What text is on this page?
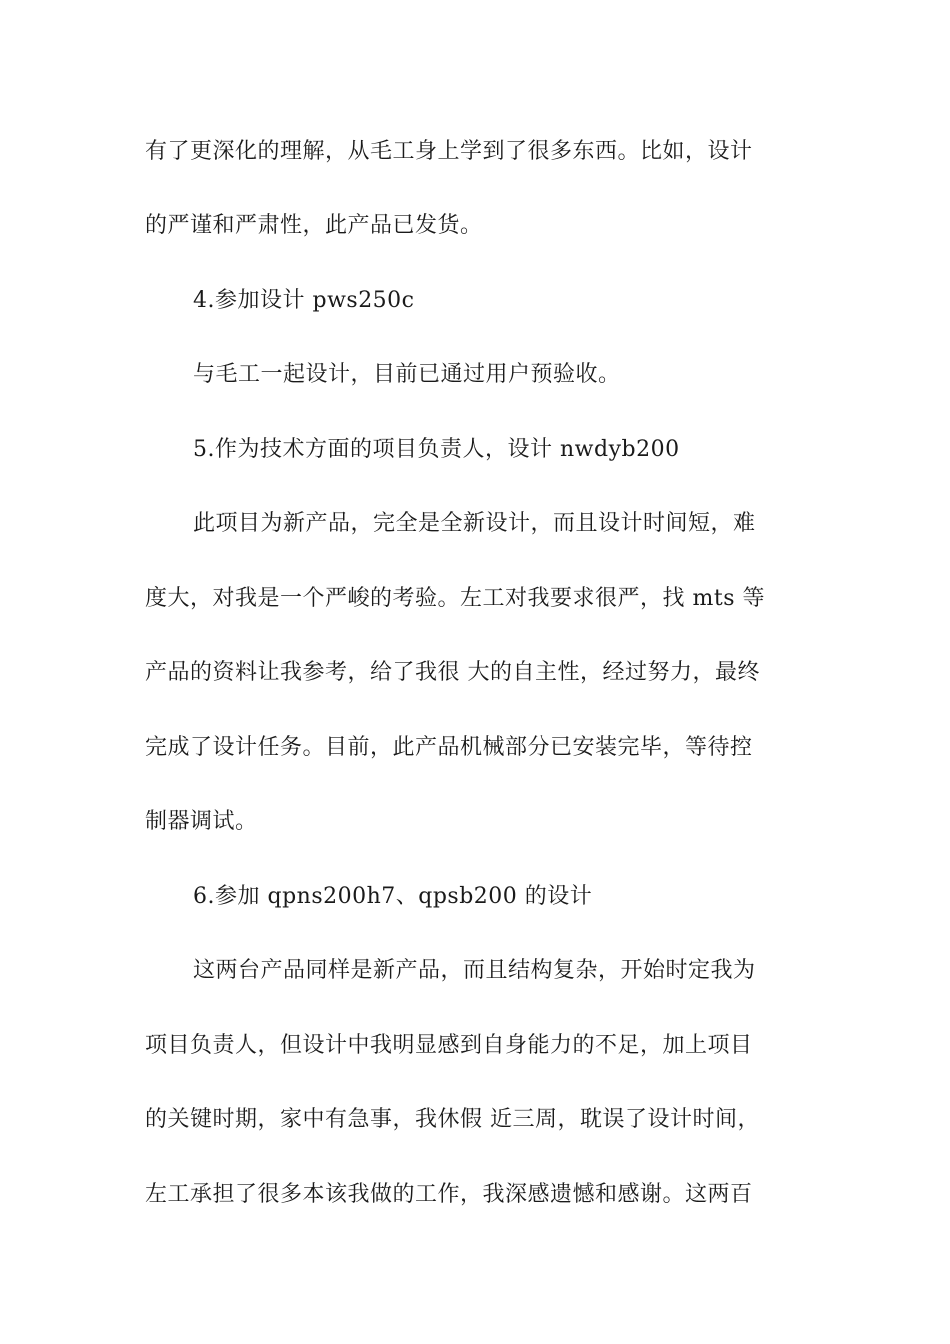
有了更深化的理解，从毛工身上学到了很多东西。比如，设计
的严谨和严肃性，此产品已发货。
4.参加设计 pws250c
与毛工一起设计，目前已通过用户预验收。
5.作为技术方面的项目负责人，设计 nwdyb200
此项目为新产品，完全是全新设计，而且设计时间短，难
度大，对我是一个严峻的考验。左工对我要求很严，找 mts 等
产品的资料让我参考，给了我很 大的自主性，经过努力，最终
完成了设计任务。目前，此产品机械部分已安装完毕，等待控
制器调试。
6.参加 qpns200h7、qpsb200 的设计
这两台产品同样是新产品，而且结构复杂，开始时定我为
项目负责人，但设计中我明显感到自身能力的不足，加上项目
的关键时期，家中有急事，我休假 近三周，耽误了设计时间，
左工承担了很多本该我做的工作，我深感遗憾和感谢。这两百
